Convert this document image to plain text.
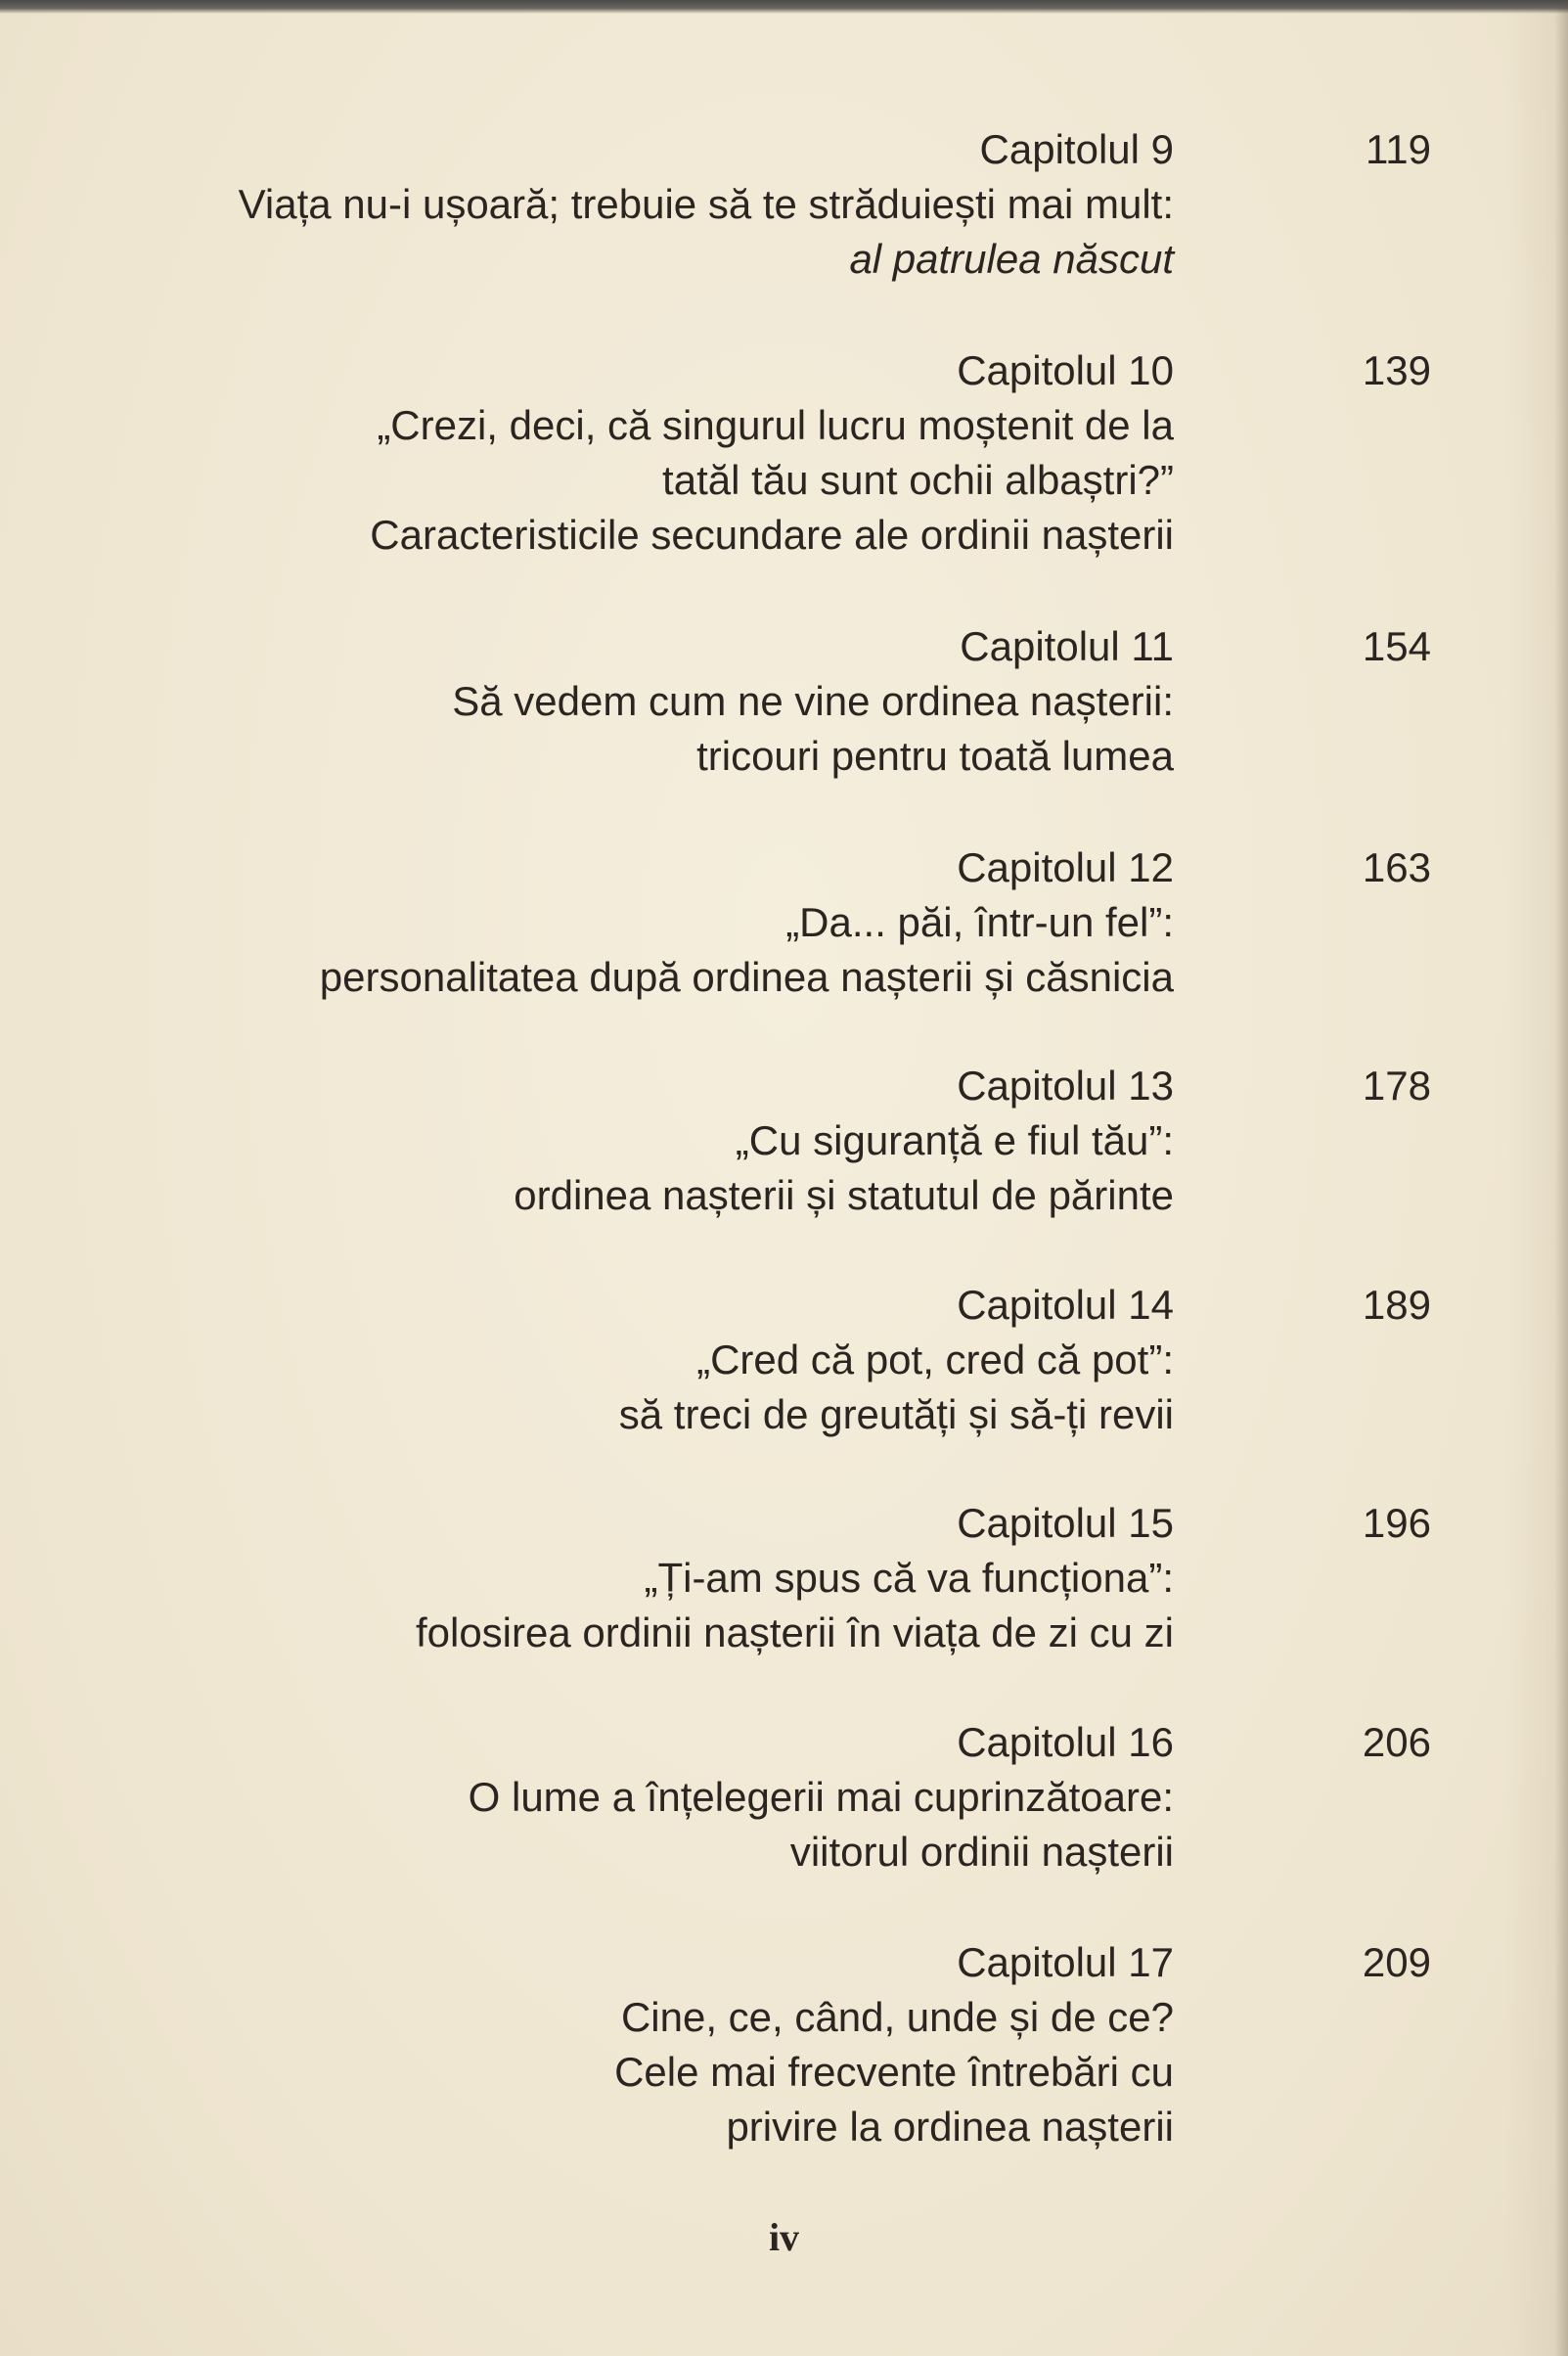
Capitolul 9	119
Viața nu-i ușoară; trebuie să te străduiești mai mult:
al patrulea născut
Capitolul 10	139
„Crezi, deci, că singurul lucru moștenit de la
tatăl tău sunt ochii albaștri?”
Caracteristicile secundare ale ordinii nașterii
Capitolul 11	154
Să vedem cum ne vine ordinea nașterii:
tricouri pentru toată lumea
Capitolul 12	163
„Da... păi, într-un fel”:
personalitatea după ordinea nașterii și căsnicia
Capitolul 13	178
„Cu siguranță e fiul tău”:
ordinea nașterii și statutul de părinte
Capitolul 14	189
„Cred că pot, cred că pot”:
să treci de greutăți și să-ți revii
Capitolul 15	196
„Ți-am spus că va funcționa”:
folosirea ordinii nașterii în viața de zi cu zi
Capitolul 16	206
O lume a înțelegerii mai cuprinzătoare:
viitorul ordinii nașterii
Capitolul 17	209
Cine, ce, când, unde și de ce?
Cele mai frecvente întrebări cu
privire la ordinea nașterii
iv
